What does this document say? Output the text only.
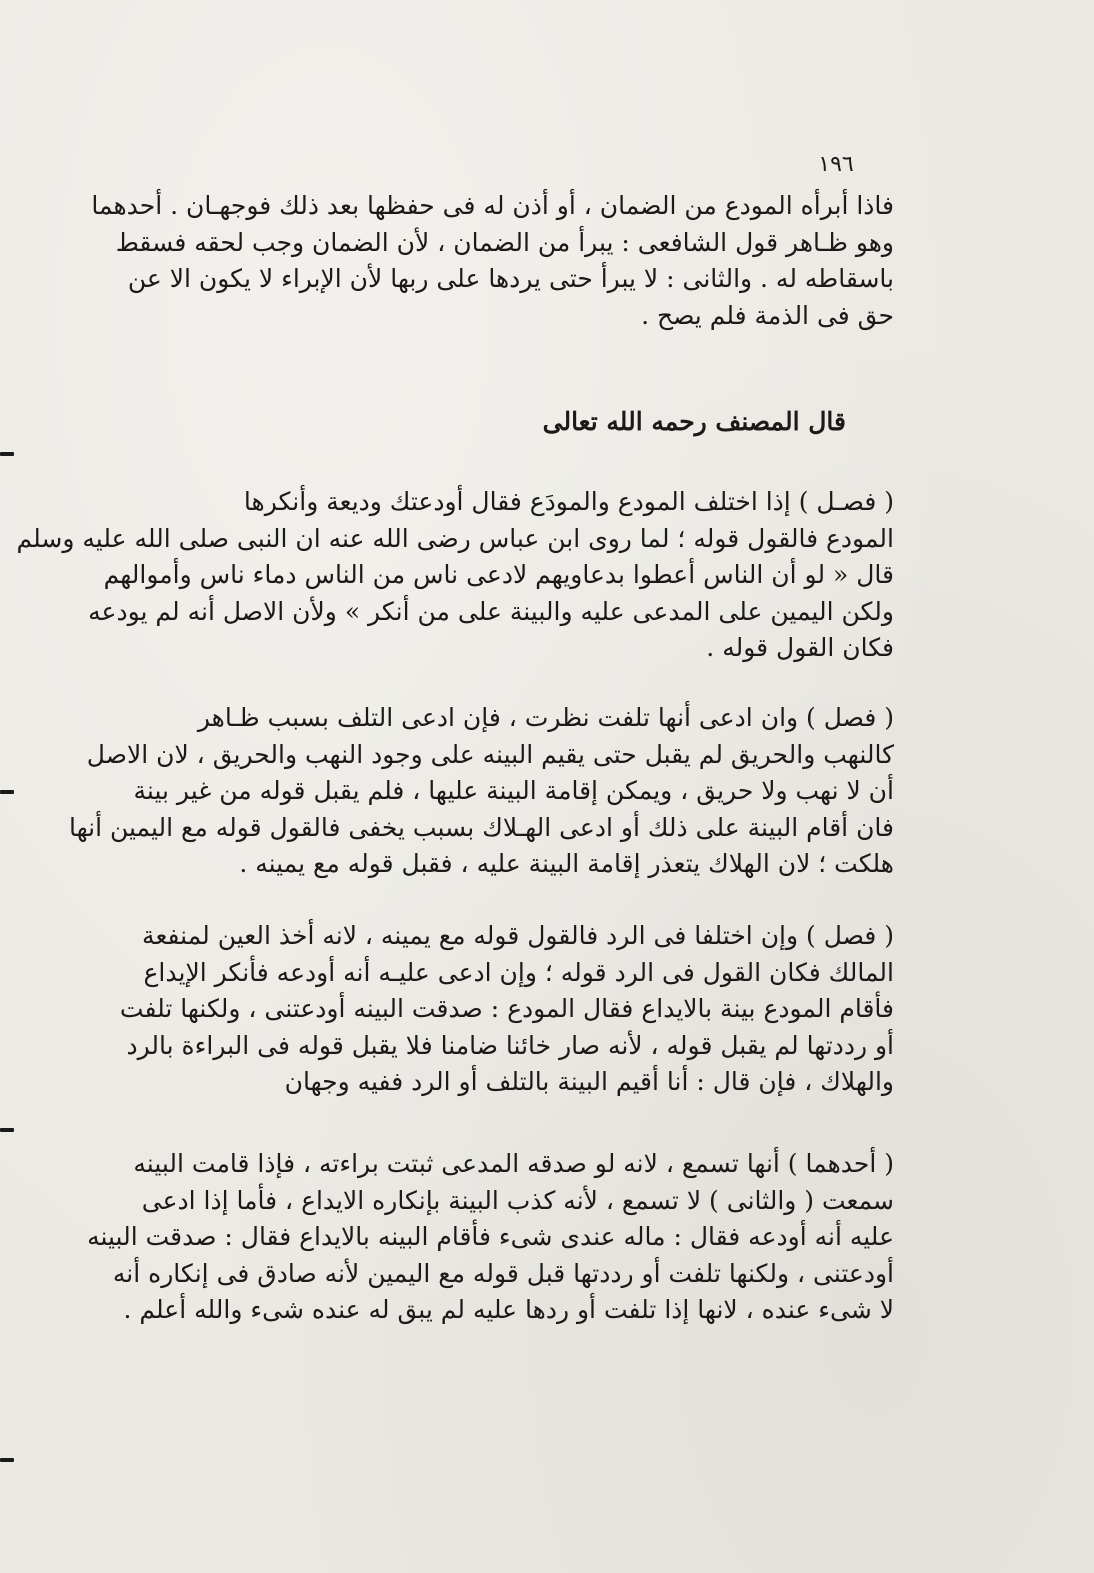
١٩٦
فاذا أبرأه المودع من الضمان ، أو أذن له فى حفظها بعد ذلك فوجهـان . أحدهما
وهو ظـاهر قول الشافعى : يبرأ من الضمان ، لأن الضمان وجب لحقه فسقط
باسقاطه له . والثانى : لا يبرأ حتى يردها على ربها لأن الإبراء لا يكون الا عن
حق فى الذمة فلم يصح .
قال المصنف رحمه الله تعالى
( فصـل ) إذا اختلف المودع والمودَع فقال أودعتك وديعة وأنكرها
المودع فالقول قوله ؛ لما روى ابن عباس رضى الله عنه ان النبى صلى الله عليه وسلم
قال « لو أن الناس أعطوا بدعاويهم لادعى ناس من الناس دماء ناس وأموالهم
ولكن اليمين على المدعى عليه والبينة على من أنكر » ولأن الاصل أنه لم يودعه
فكان القول قوله .
( فصل ) وان ادعى أنها تلفت نظرت ، فإن ادعى التلف بسبب ظـاهر
كالنهب والحريق لم يقبل حتى يقيم البينه على وجود النهب والحريق ، لان الاصل
أن لا نهب ولا حريق ، ويمكن إقامة البينة عليها ، فلم يقبل قوله من غير بينة
فان أقام البينة على ذلك أو ادعى الهـلاك بسبب يخفى فالقول قوله مع اليمين أنها
هلكت ؛ لان الهلاك يتعذر إقامة البينة عليه ، فقبل قوله مع يمينه .
( فصل ) وإن اختلفا فى الرد فالقول قوله مع يمينه ، لانه أخذ العين لمنفعة
المالك فكان القول فى الرد قوله ؛ وإن ادعى عليـه أنه أودعه فأنكر الإيداع
فأقام المودع بينة بالايداع فقال المودع : صدقت البينه أودعتنى ، ولكنها تلفت
أو رددتها لم يقبل قوله ، لأنه صار خائنا ضامنا فلا يقبل قوله فى البراءة بالرد
والهلاك ، فإن قال : أنا أقيم البينة بالتلف أو الرد ففيه وجهان
( أحدهما ) أنها تسمع ، لانه لو صدقه المدعى ثبتت براءته ، فإذا قامت البينه
سمعت ( والثانى ) لا تسمع ، لأنه كذب البينة بإنكاره الايداع ، فأما إذا ادعى
عليه أنه أودعه فقال : ماله عندى شىء فأقام البينه بالايداع فقال : صدقت البينه
أودعتنى ، ولكنها تلفت أو رددتها قبل قوله مع اليمين لأنه صادق فى إنكاره أنه
لا شىء عنده ، لانها إذا تلفت أو ردها عليه لم يبق له عنده شىء والله أعلم .
